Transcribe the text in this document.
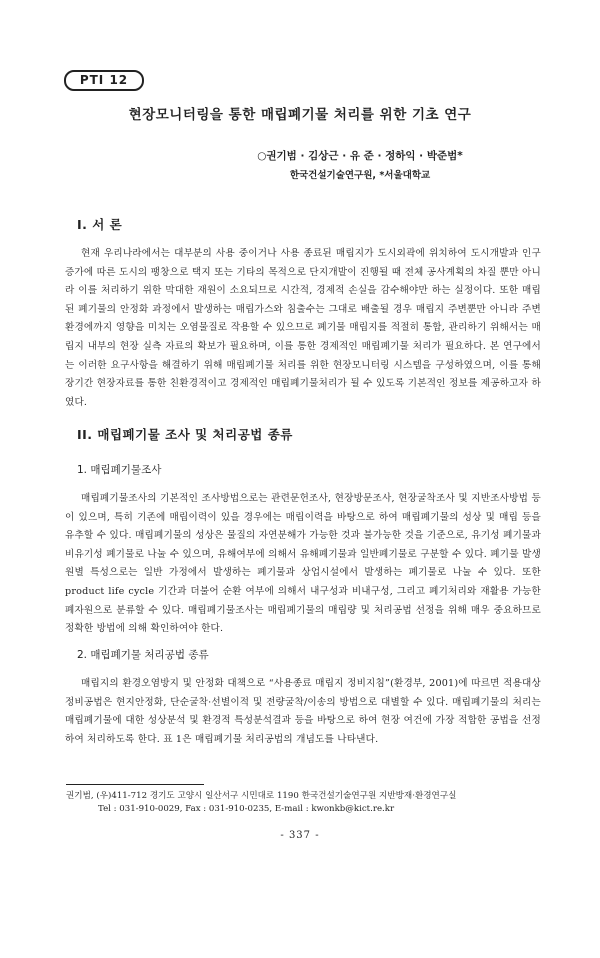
PTI 12
현장모니터링을 통한 매립폐기물 처리를 위한 기초 연구
○권기범 · 김상근 · 유 준 · 정하익 · 박준범*
한국건설기술연구원, *서울대학교
I. 서 론
현재 우리나라에서는 대부분의 사용 중이거나 사용 종료된 매립지가 도시외곽에 위치하여 도시개발과 인구증가에 따른 도시의 팽창으로 택지 또는 기타의 목적으로 단지개발이 진행될 때 전체 공사계획의 차질 뿐만 아니라 이를 처리하기 위한 막대한 재원이 소요되므로 시간적, 경제적 손실을 감수해야만 하는 실정이다. 또한 매립된 폐기물의 안정화 과정에서 발생하는 매립가스와 침출수는 그대로 배출될 경우 매립지 주변뿐만 아니라 주변 환경에까지 영향을 미치는 오염물질로 작용할 수 있으므로 폐기물 매립지를 적절히 통합, 관리하기 위해서는 매립지 내부의 현장 실측 자료의 확보가 필요하며, 이를 통한 경제적인 매립폐기물 처리가 필요하다. 본 연구에서는 이러한 요구사항을 해결하기 위해 매립폐기물 처리를 위한 현장모니터링 시스템을 구성하였으며, 이를 통해 장기간 현장자료를 통한 친환경적이고 경제적인 매립폐기물처리가 될 수 있도록 기본적인 정보를 제공하고자 하였다.
II. 매립폐기물 조사 및 처리공법 종류
1. 매립폐기물조사
매립폐기물조사의 기본적인 조사방법으로는 관련문헌조사, 현장방문조사, 현장굴착조사 및 지반조사방법 등이 있으며, 특히 기존에 매립이력이 있을 경우에는 매립이력을 바탕으로 하여 매립폐기물의 성상 및 매립 등을 유추할 수 있다. 매립폐기물의 성상은 물질의 자연분해가 가능한 것과 불가능한 것을 기준으로, 유기성 폐기물과 비유기성 폐기물로 나눌 수 있으며, 유해여부에 의해서 유해폐기물과 일반폐기물로 구분할 수 있다. 폐기물 발생원별 특성으로는 일반 가정에서 발생하는 폐기물과 상업시설에서 발생하는 폐기물로 나눌 수 있다. 또한 product life cycle 기간과 더불어 순환 여부에 의해서 내구성과 비내구성, 그리고 폐기처리와 재활용 가능한 폐자원으로 분류할 수 있다. 매립폐기물조사는 매립폐기물의 매립량 및 처리공법 선정을 위해 매우 중요하므로 정확한 방법에 의해 확인하여야 한다.
2. 매립폐기물 처리공법 종류
매립지의 환경오염방지 및 안정화 대책으로 “사용종료 매립지 정비지침”(환경부, 2001)에 따르면 적용대상 정비공법은 현지안정화, 단순굴착·선별이적 및 전량굴착/이송의 방법으로 대별할 수 있다. 매립폐기물의 처리는 매립폐기물에 대한 성상분석 및 환경적 특성분석결과 등을 바탕으로 하여 현장 여건에 가장 적합한 공법을 선정하여 처리하도록 한다. 표 1은 매립폐기물 처리공법의 개념도를 나타낸다.
권기범, (우)411-712 경기도 고양시 일산서구 시민대로 1190 한국건설기술연구원 지반방재·환경연구실
Tel : 031-910-0029, Fax : 031-910-0235, E-mail : kwonkb@kict.re.kr
- 337 -
